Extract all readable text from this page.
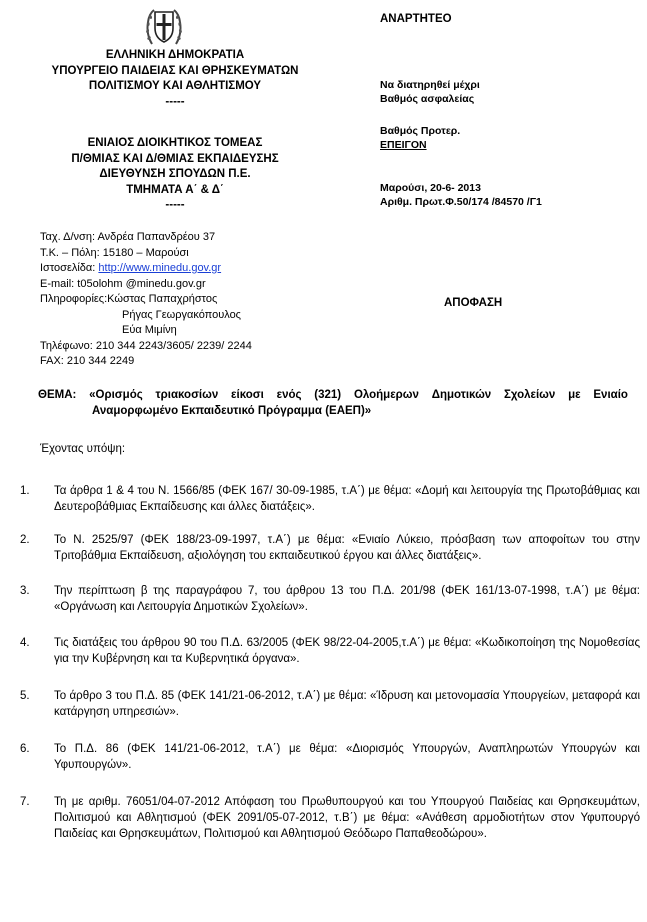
ΕΛΛΗΝΙΚΗ ΔΗΜΟΚΡΑΤΙΑ
ΥΠΟΥΡΓΕΙΟ ΠΑΙΔΕΙΑΣ ΚΑΙ ΘΡΗΣΚΕΥΜΑΤΩΝ
ΠΟΛΙΤΙΣΜΟΥ ΚΑΙ ΑΘΛΗΤΙΣΜΟΥ
-----
ΕΝΙΑΙΟΣ ΔΙΟΙΚΗΤΙΚΟΣ ΤΟΜΕΑΣ
Π/ΘΜΙΑΣ ΚΑΙ Δ/ΘΜΙΑΣ ΕΚΠΑΙΔΕΥΣΗΣ
ΔΙΕΥΘΥΝΣΗ ΣΠΟΥΔΩΝ Π.Ε.
ΤΜΗΜΑΤΑ Α΄ & Δ΄
-----
ΑΝΑΡΤΗΤΕΟ
Να διατηρηθεί μέχρι
Βαθμός ασφαλείας
Βαθμός Προτερ.
ΕΠΕΙΓΟΝ
Μαρούσι, 20-6- 2013
Αριθμ. Πρωτ.Φ.50/174 /84570 /Γ1
Ταχ. Δ/νση: Ανδρέα Παπανδρέου 37
Τ.Κ. – Πόλη: 15180 – Μαρούσι
Ιστοσελίδα: http://www.minedu.gov.gr
E-mail: t05olohm @minedu.gov.gr
Πληροφορίες:Κώστας Παπαχρήστος
Ρήγας Γεωργακόπουλος
Εύα Μιμίνη
Τηλέφωνο: 210 344 2243/3605/ 2239/ 2244
FAX: 210 344 2249
ΑΠΟΦΑΣΗ
ΘΕΜΑ: «Ορισμός τριακοσίων είκοσι ενός (321) Ολοήμερων Δημοτικών Σχολείων με Ενιαίο
Αναμορφωμένο Εκπαιδευτικό Πρόγραμμα (ΕΑΕΠ)»
Έχοντας υπόψη:
1.	Τα άρθρα 1 & 4 του Ν. 1566/85 (ΦΕΚ 167/ 30-09-1985, τ.Α΄) με θέμα: «Δομή και λειτουργία της Πρωτοβάθμιας και Δευτεροβάθμιας Εκπαίδευσης και άλλες διατάξεις».
2.	Το Ν. 2525/97 (ΦΕΚ 188/23-09-1997, τ.Α΄) με θέμα: «Ενιαίο Λύκειο, πρόσβαση των αποφοίτων του στην Τριτοβάθμια Εκπαίδευση, αξιολόγηση του εκπαιδευτικού έργου και άλλες διατάξεις».
3.	Την περίπτωση β της παραγράφου 7, του άρθρου 13 του Π.Δ. 201/98 (ΦΕΚ 161/13-07-1998, τ.Α΄) με θέμα: «Οργάνωση και Λειτουργία Δημοτικών Σχολείων».
4.	Τις διατάξεις του άρθρου 90 του Π.Δ. 63/2005 (ΦΕΚ 98/22-04-2005,τ.Α΄) με θέμα: «Κωδικοποίηση της Νομοθεσίας για την Κυβέρνηση και τα Κυβερνητικά όργανα».
5.	Το άρθρο 3 του Π.Δ. 85 (ΦΕΚ 141/21-06-2012, τ.Α΄) με θέμα: «Ίδρυση και μετονομασία Υπουργείων, μεταφορά και κατάργηση υπηρεσιών».
6.	Το Π.Δ. 86 (ΦΕΚ 141/21-06-2012, τ.Α΄) με θέμα: «Διορισμός Υπουργών, Αναπληρωτών Υπουργών και Υφυπουργών».
7.	Τη με αριθμ. 76051/04-07-2012 Απόφαση του Πρωθυπουργού και του Υπουργού Παιδείας και Θρησκευμάτων, Πολιτισμού και Αθλητισμού (ΦΕΚ 2091/05-07-2012, τ.Β΄) με θέμα: «Ανάθεση αρμοδιοτήτων στον Υφυπουργό Παιδείας και Θρησκευμάτων, Πολιτισμού και Αθλητισμού Θεόδωρο Παπαθεοδώρου».
